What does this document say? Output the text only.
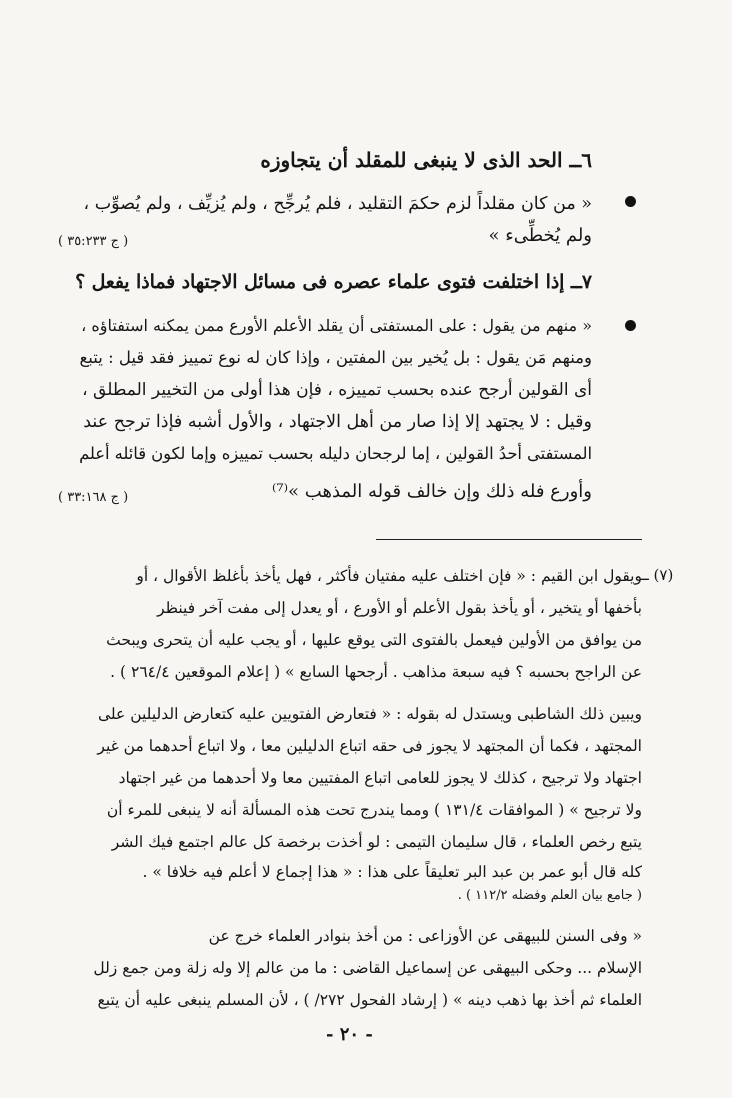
٦ــ الحد الذى لا ينبغى للمقلد أن يتجاوزه
« من كان مقلداً لزم حكمَ التقليد ، فلم يُرجِّح ، ولم يُزيِّف ، ولم يُصوِّب ،
ولم يُخطِّىء »
( ج ٣٥:٢٣٣ )
٧ــ إذا اختلفت فتوى علماء عصره فى مسائل الاجتهاد فماذا يفعل ؟
« منهم من يقول : على المستفتى أن يقلد الأعلم الأورع ممن يمكنه استفتاؤه ،
ومنهم مَن يقول : بل يُخير بين المفتين ، وإذا كان له نوع تمييز فقد قيل : يتبع
أى القولين أرجح عنده بحسب تمييزه ، فإن هذا أولى من التخيير المطلق ،
وقيل : لا يجتهد إلا إذا صار من أهل الاجتهاد ، والأول أشبه فإذا ترجح عند
المستفتى أحدُ القولين ، إما لرجحان دليله بحسب تمييزه وإما لكون قائله أعلم
وأورع فله ذلك وإن خالف قوله المذهب »⁽⁷⁾
( ج ٣٣:١٦٨ )
(٧) ــ
ويقول ابن القيم : « فإن اختلف عليه مفتيان فأكثر ، فهل يأخذ بأغلظ الأقوال ، أو
بأخفها أو يتخير ، أو يأخذ بقول الأعلم أو الأورع ، أو يعدل إلى مفت آخر فينظر
من يوافق من الأولين فيعمل بالفتوى التى يوقع عليها ، أو يجب عليه أن يتحرى ويبحث
عن الراجح بحسبه ؟ فيه سبعة مذاهب . أرجحها السابع » ( إعلام الموقعين ٢٦٤/٤ ) .
ويبين ذلك الشاطبى ويستدل له بقوله : « فتعارض الفتويين عليه كتعارض الدليلين على
المجتهد ، فكما أن المجتهد لا يجوز فى حقه اتباع الدليلين معا ، ولا اتباع أحدهما من غير
اجتهاد ولا ترجيح ، كذلك لا يجوز للعامى اتباع المفتيين معا ولا أحدهما من غير اجتهاد
ولا ترجيح » ( الموافقات ١٣١/٤ ) ومما يندرج تحت هذه المسألة أنه لا ينبغى للمرء أن
يتبع رخص العلماء ، قال سليمان التيمى : لو أخذت برخصة كل عالم اجتمع فيك الشر
كله قال أبو عمر بن عبد البر تعليقاً على هذا : « هذا إجماع لا أعلم فيه خلافا » .
( جامع بيان العلم وفضله ١١٢/٢ ) .
« وفى السنن للبيهقى عن الأوزاعى : من أخذ بنوادر العلماء خرج عن
الإسلام ... وحكى البيهقى عن إسماعيل القاضى : ما من عالم إلا وله زلة ومن جمع زلل
العلماء ثم أخذ بها ذهب دينه » ( إرشاد الفحول ٢٧٢/ ) ، لأن المسلم ينبغى عليه أن يتبع
- ٢٠ -
